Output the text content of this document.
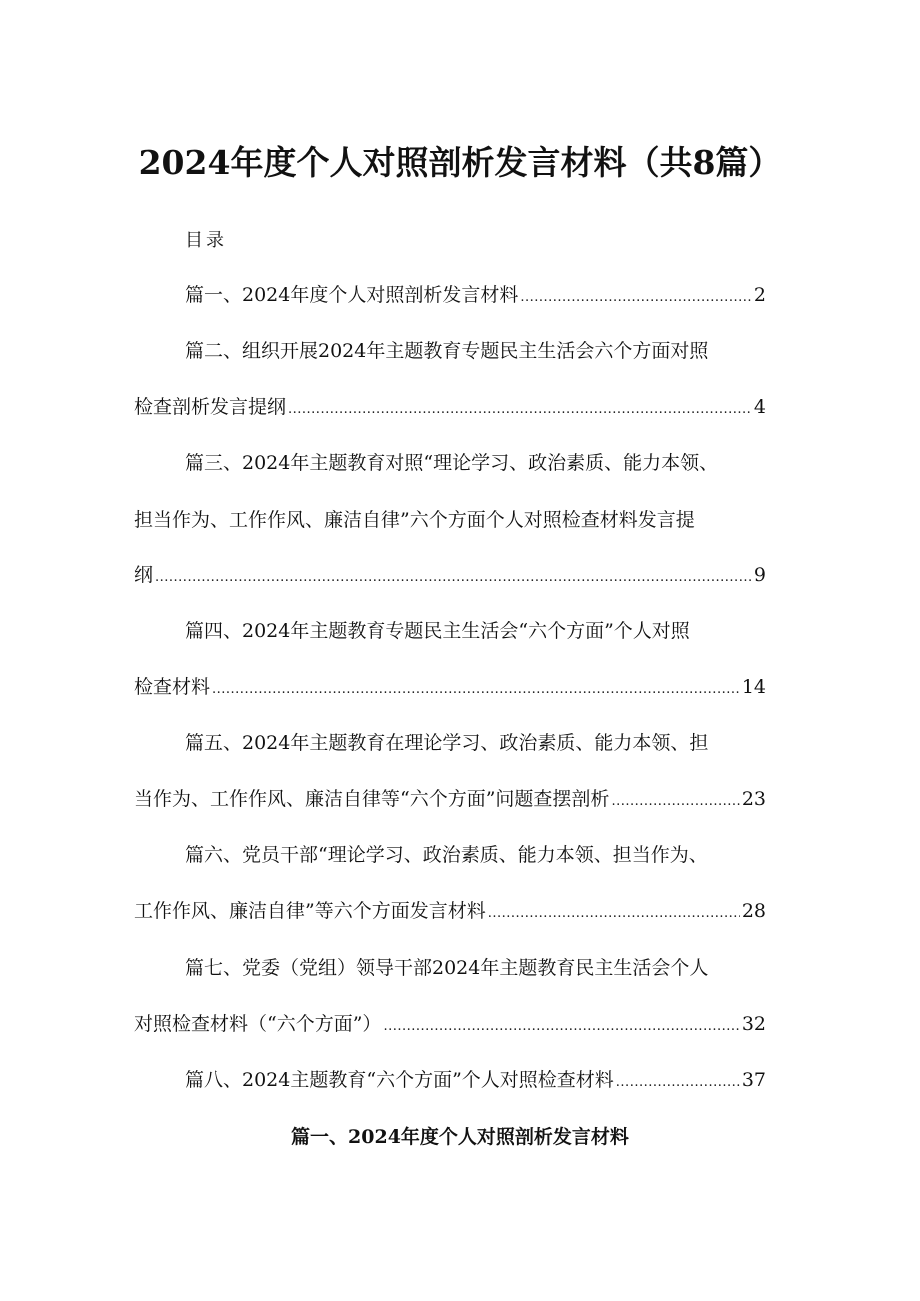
2024年度个人对照剖析发言材料（共8篇）
目录
篇一、2024年度个人对照剖析发言材料 .....	2
篇二、组织开展2024年主题教育专题民主生活会六个方面对照
检查剖析发言提纲 .....	4
篇三、2024年主题教育对照“理论学习、政治素质、能力本领、
担当作为、工作作风、廉洁自律”六个方面个人对照检查材料发言提
纲 .....	9
篇四、2024年主题教育专题民主生活会“六个方面”个人对照
检查材料 .....	14
篇五、2024年主题教育在理论学习、政治素质、能力本领、担
当作为、工作作风、廉洁自律等“六个方面”问题查摆剖析 .....	23
篇六、党员干部“理论学习、政治素质、能力本领、担当作为、
工作作风、廉洁自律”等六个方面发言材料 .....	28
篇七、党委（党组）领导干部2024年主题教育民主生活会个人
对照检查材料（“六个方面”） .....	32
篇八、2024主题教育“六个方面”个人对照检查材料 .....	37
篇一、2024年度个人对照剖析发言材料
